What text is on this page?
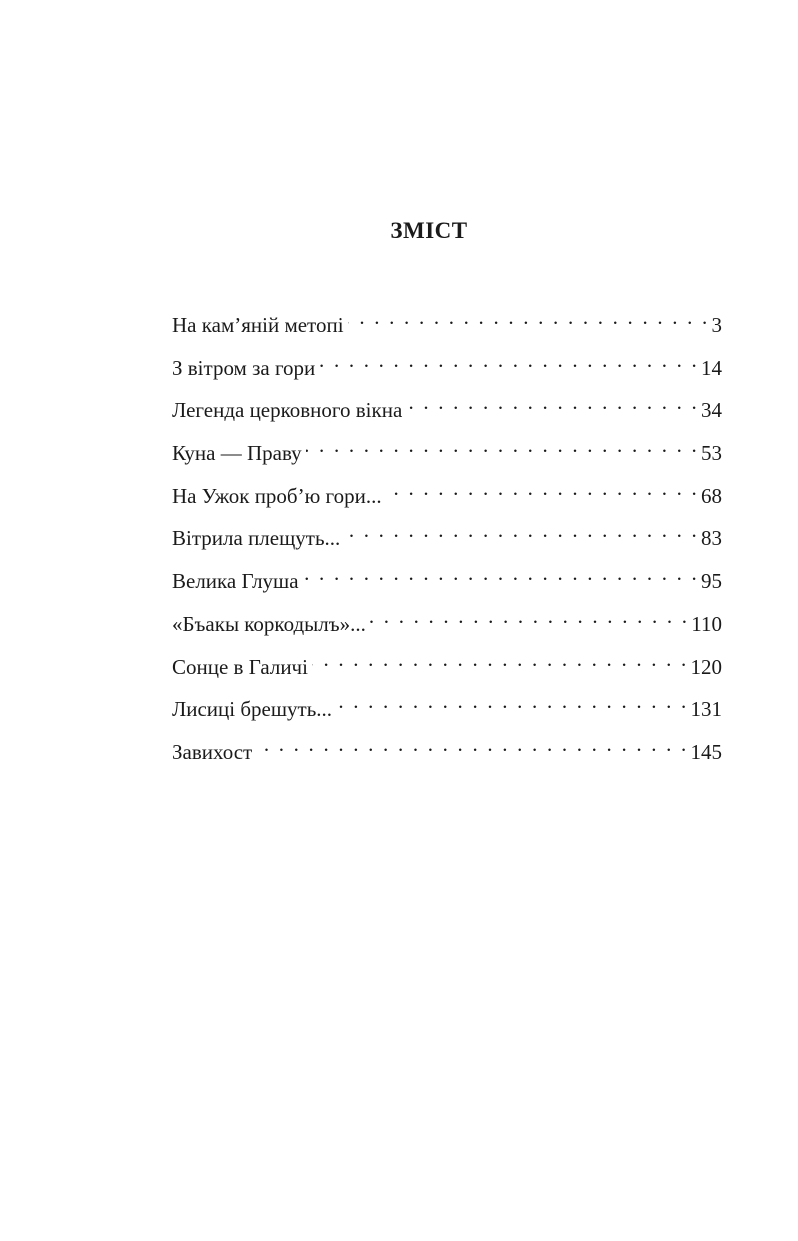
ЗМІСТ
На кам’яній метопі . . .	3
З вітром за гори . . .	14
Легенда церковного вікна . . .	34
Куна — Праву . . .	53
На Ужок проб’ю гори... . . .	68
Вітрила плещуть... . . .	83
Велика Глуша . . .	95
«Бъакы коркодылъ»... . . .	110
Сонце в Галичі . . .	120
Лисиці брешуть... . . .	131
Завихост . . .	145
